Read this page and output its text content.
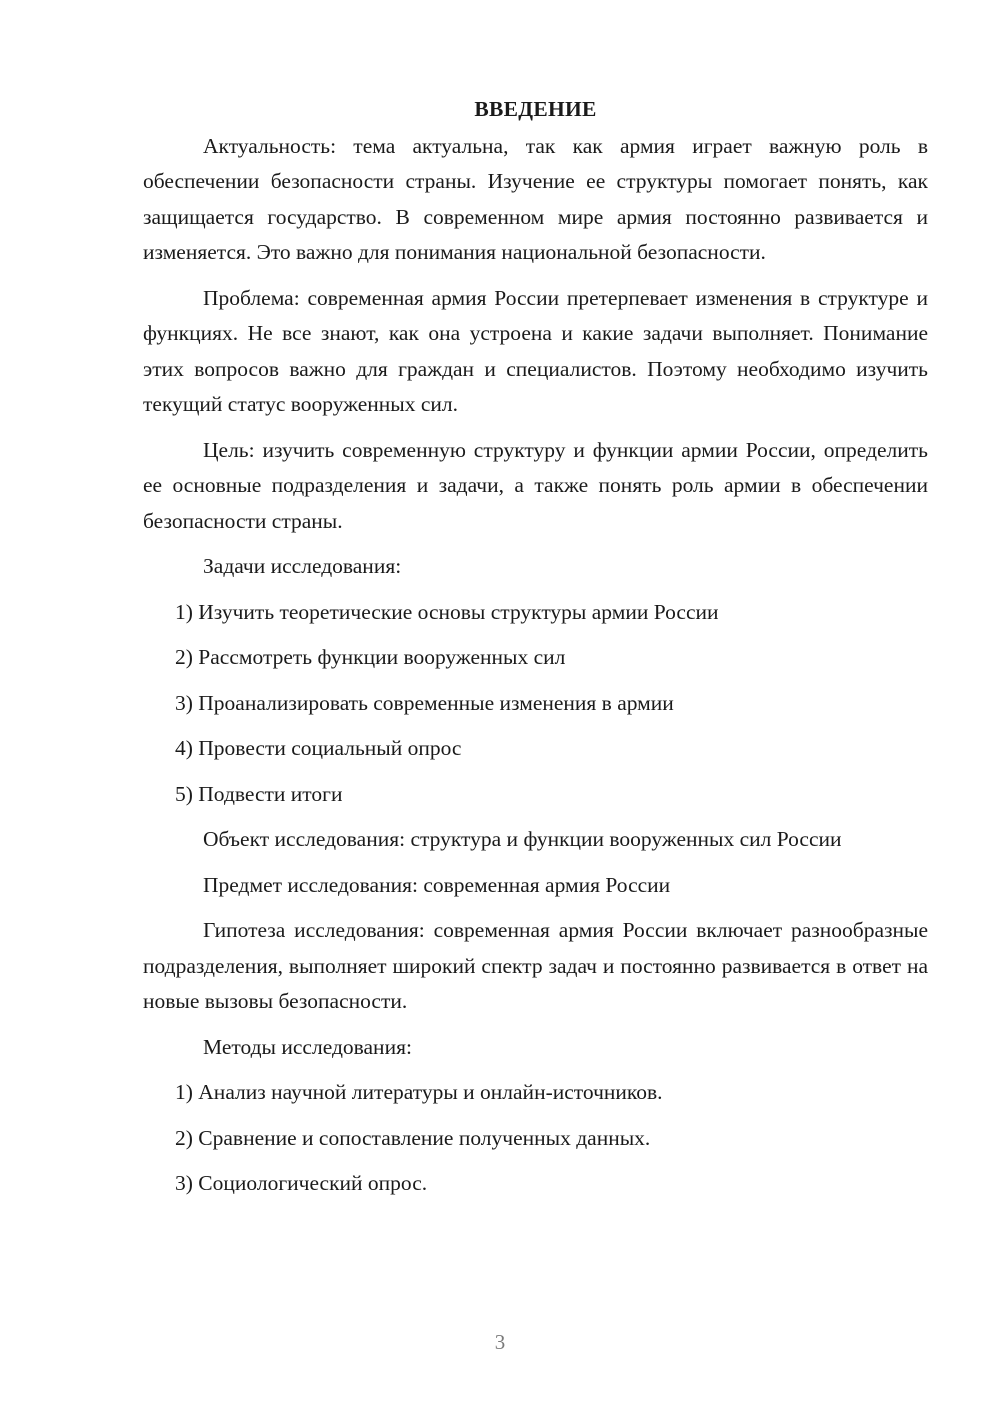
ВВЕДЕНИЕ

Актуальность: тема актуальна, так как армия играет важную роль в обеспечении безопасности страны. Изучение ее структуры помогает понять, как защищается государство. В современном мире армия постоянно развивается и изменяется. Это важно для понимания национальной безопасности.

Проблема: современная армия России претерпевает изменения в структуре и функциях. Не все знают, как она устроена и какие задачи выполняет. Понимание этих вопросов важно для граждан и специалистов. Поэтому необходимо изучить текущий статус вооруженных сил.

Цель: изучить современную структуру и функции армии России, определить ее основные подразделения и задачи, а также понять роль армии в обеспечении безопасности страны.

Задачи исследования:
1) Изучить теоретические основы структуры армии России
2) Рассмотреть функции вооруженных сил
3) Проанализировать современные изменения в армии
4) Провести социальный опрос
5) Подвести итоги

Объект исследования: структура и функции вооруженных сил России

Предмет исследования: современная армия России

Гипотеза исследования: современная армия России включает разнообразные подразделения, выполняет широкий спектр задач и постоянно развивается в ответ на новые вызовы безопасности.

Методы исследования:
1) Анализ научной литературы и онлайн-источников.
2) Сравнение и сопоставление полученных данных.
3) Социологический опрос.
3
